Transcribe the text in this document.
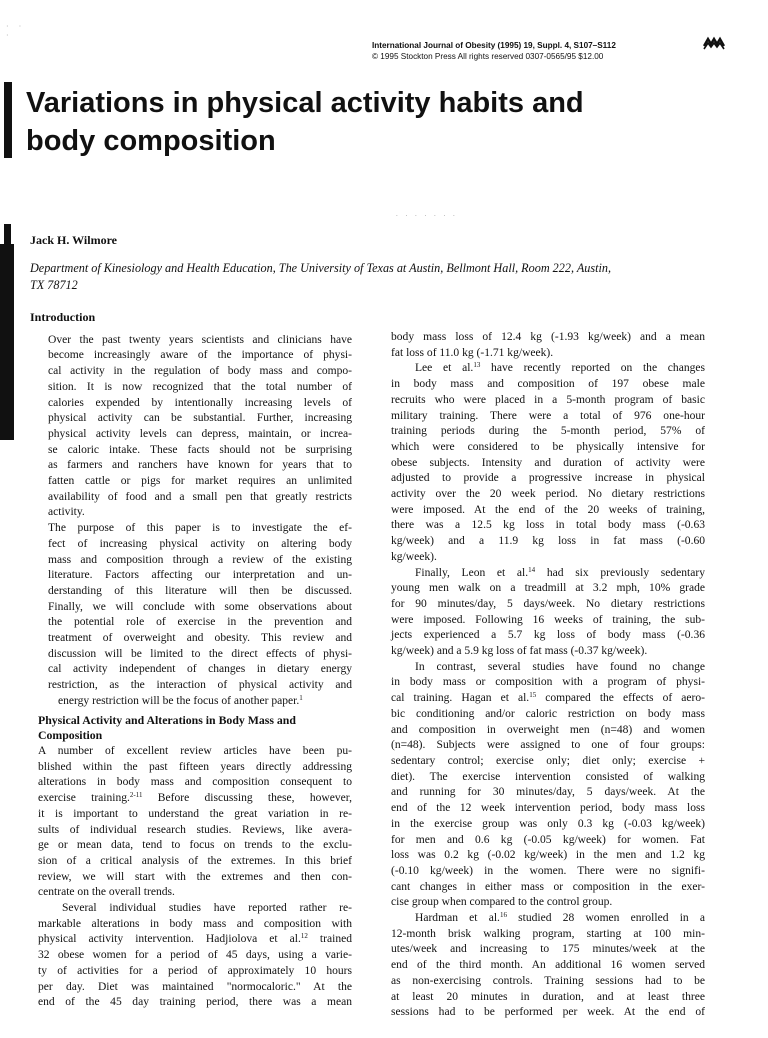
· · ·
. . . . . . .
International Journal of Obesity (1995) 19, Suppl. 4, S107–S112
© 1995 Stockton Press All rights reserved 0307-0565/95 $12.00
Variations in physical activity habits and
body composition
Jack H. Wilmore
Department of Kinesiology and Health Education, The University of Texas at Austin, Bellmont Hall, Room 222, Austin,
TX 78712
Introduction

Over the past twenty years scientists and clinicians have
become increasingly aware of the importance of physi-
cal activity in the regulation of body mass and compo-
sition. It is now recognized that the total number of
calories expended by intentionally increasing levels of
physical activity can be substantial. Further, increasing
physical activity levels can depress, maintain, or increa-
se caloric intake. These facts should not be surprising
as farmers and ranchers have known for years that to
fatten cattle or pigs for market requires an unlimited
availability of food and a small pen that greatly restricts
activity.

The purpose of this paper is to investigate the ef-
fect of increasing physical activity on altering body
mass and composition through a review of the existing
literature. Factors affecting our interpretation and un-
derstanding of this literature will then be discussed.
Finally, we will conclude with some observations about
the potential role of exercise in the prevention and
treatment of overweight and obesity. This review and
discussion will be limited to the direct effects of physi-
cal activity independent of changes in dietary energy
restriction, as the interaction of physical activity and
energy restriction will be the focus of another paper.$^1$

Physical Activity and Alterations in Body Mass and
Composition

A number of excellent review articles have been pu-
blished within the past fifteen years directly addressing
alterations in body mass and composition consequent to
exercise training.$^{2-11}$ Before discussing these, however,
it is important to understand the great variation in re-
sults of individual research studies. Reviews, like avera-
ge or mean data, tend to focus on trends to the exclu-
sion of a critical analysis of the extremes. In this brief
review, we will start with the extremes and then con-
centrate on the overall trends.

Several individual studies have reported rather re-
markable alterations in body mass and composition with
physical activity intervention. Hadjiolova et al.$^{12}$ trained
32 obese women for a period of 45 days, using a varie-
ty of activities for a period of approximately 10 hours
per day. Diet was maintained "normocaloric." At the
end of the 45 day training period, there was a mean

body mass loss of 12.4 kg (-1.93 kg/week) and a mean
fat loss of 11.0 kg (-1.71 kg/week).

Lee et al.$^{13}$ have recently reported on the changes
in body mass and composition of 197 obese male
recruits who were placed in a 5-month program of basic
military training. There were a total of 976 one-hour
training periods during the 5-month period, 57% of
which were considered to be physically intensive for
obese subjects. Intensity and duration of activity were
adjusted to provide a progressive increase in physical
activity over the 20 week period. No dietary restrictions
were imposed. At the end of the 20 weeks of training,
there was a 12.5 kg loss in total body mass (-0.63
kg/week) and a 11.9 kg loss in fat mass (-0.60
kg/week).

Finally, Leon et al.$^{14}$ had six previously sedentary
young men walk on a treadmill at 3.2 mph, 10% grade
for 90 minutes/day, 5 days/week. No dietary restrictions
were imposed. Following 16 weeks of training, the sub-
jects experienced a 5.7 kg loss of body mass (-0.36
kg/week) and a 5.9 kg loss of fat mass (-0.37 kg/week).

In contrast, several studies have found no change
in body mass or composition with a program of physi-
cal training. Hagan et al.$^{15}$ compared the effects of aero-
bic conditioning and/or caloric restriction on body mass
and composition in overweight men (n=48) and women
(n=48). Subjects were assigned to one of four groups:
sedentary control; exercise only; diet only; exercise +
diet). The exercise intervention consisted of walking
and running for 30 minutes/day, 5 days/week. At the
end of the 12 week intervention period, body mass loss
in the exercise group was only 0.3 kg (-0.03 kg/week)
for men and 0.6 kg (-0.05 kg/week) for women. Fat
loss was 0.2 kg (-0.02 kg/week) in the men and 1.2 kg
(-0.10 kg/week) in the women. There were no signifi-
cant changes in either mass or composition in the exer-
cise group when compared to the control group.

Hardman et al.$^{16}$ studied 28 women enrolled in a
12-month brisk walking program, starting at 100 min-
utes/week and increasing to 175 minutes/week at the
end of the third month. An additional 16 women served
as non-exercising controls. Training sessions had to be
at least 20 minutes in duration, and at least three
sessions had to be performed per week. At the end of
